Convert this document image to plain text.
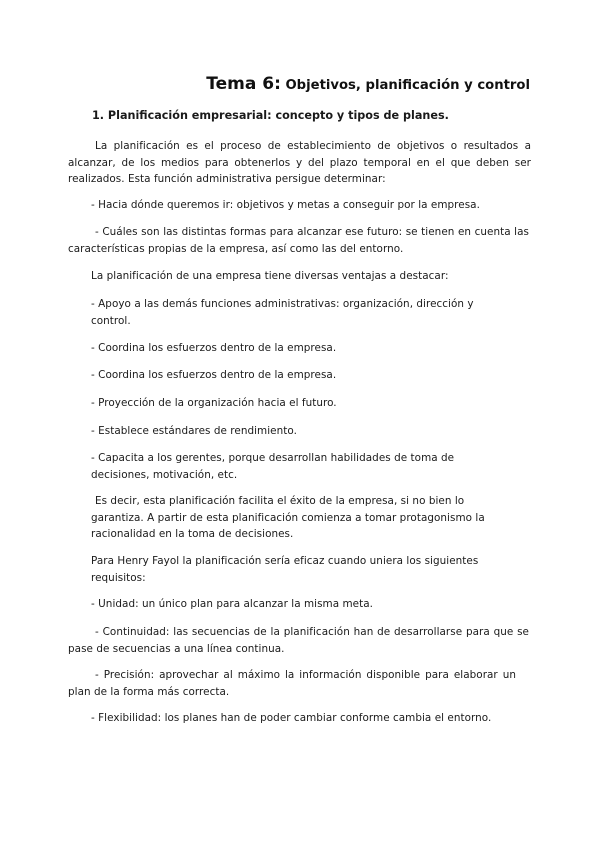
Tema 6: Objetivos, planificación y control
1. Planificación empresarial: concepto y tipos de planes.

La planificación es el proceso de establecimiento de objetivos o resultados a alcanzar, de los medios para obtenerlos y del plazo temporal en el que deben ser realizados. Esta función administrativa persigue determinar:

- Hacia dónde queremos ir: objetivos y metas a conseguir por la empresa.

- Cuáles son las distintas formas para alcanzar ese futuro: se tienen en cuenta las características propias de la empresa, así como las del entorno.

La planificación de una empresa tiene diversas ventajas a destacar:

- Apoyo a las demás funciones administrativas: organización, dirección y control.

- Coordina los esfuerzos dentro de la empresa.

- Coordina los esfuerzos dentro de la empresa.

- Proyección de la organización hacia el futuro.

- Establece estándares de rendimiento.

- Capacita a los gerentes, porque desarrollan habilidades de toma de decisiones, motivación, etc.

Es decir, esta planificación facilita el éxito de la empresa, si no bien lo garantiza. A partir de esta planificación comienza a tomar protagonismo la racionalidad en la toma de decisiones.

Para Henry Fayol la planificación sería eficaz cuando uniera los siguientes requisitos:

- Unidad: un único plan para alcanzar la misma meta.

- Continuidad: las secuencias de la planificación han de desarrollarse para que se pase de secuencias a una línea continua.

- Precisión: aprovechar al máximo la información disponible para elaborar un plan de la forma más correcta.

- Flexibilidad: los planes han de poder cambiar conforme cambia el entorno.
